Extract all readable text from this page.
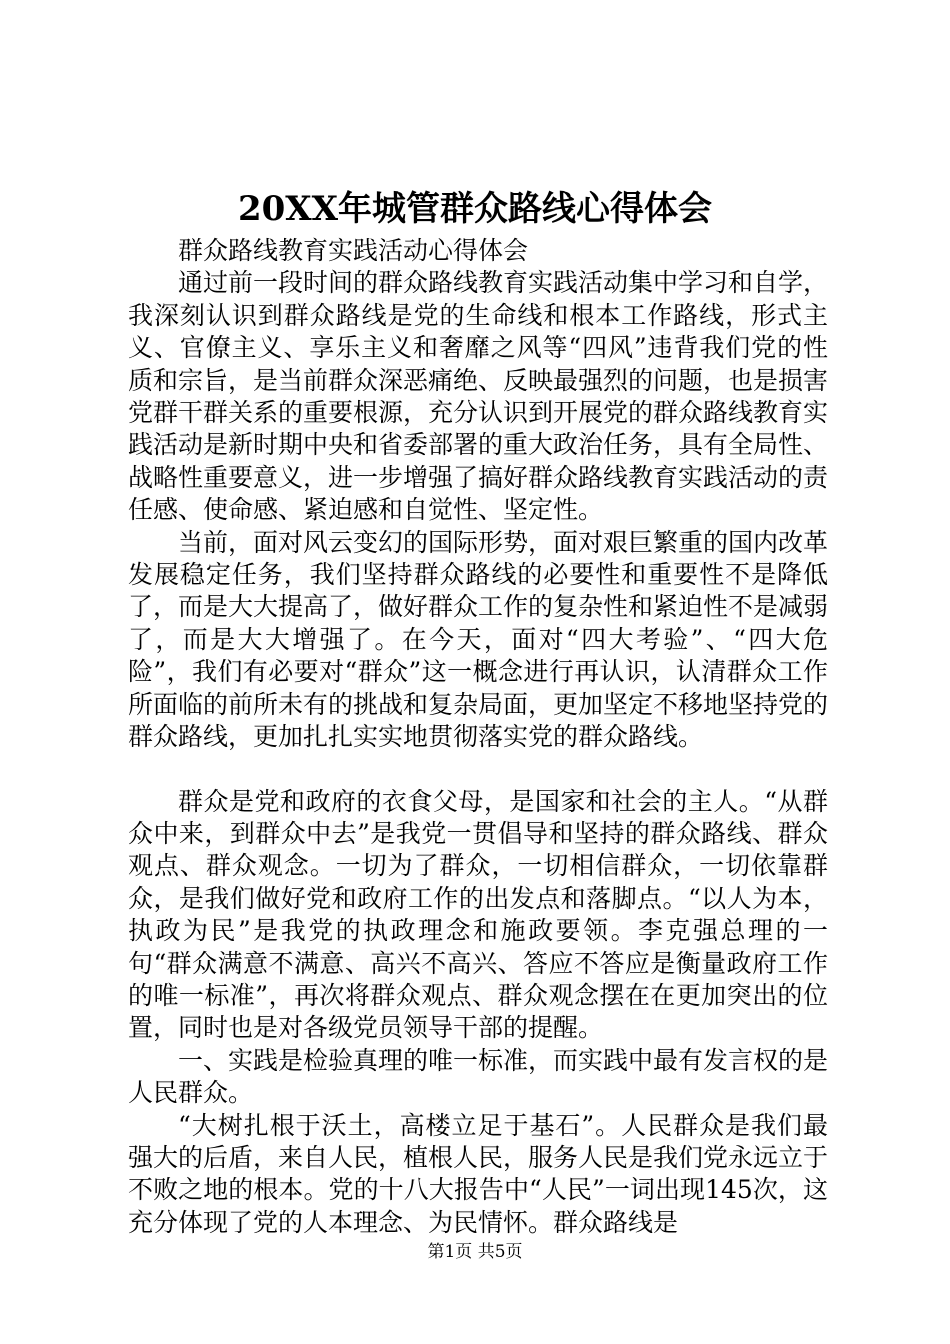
20XX年城管群众路线心得体会

群众路线教育实践活动心得体会

通过前一段时间的群众路线教育实践活动集中学习和自学，我深刻认识到群众路线是党的生命线和根本工作路线，形式主义、官僚主义、享乐主义和奢靡之风等“四风”违背我们党的性质和宗旨，是当前群众深恶痛绝、反映最强烈的问题，也是损害党群干群关系的重要根源，充分认识到开展党的群众路线教育实践活动是新时期中央和省委部署的重大政治任务，具有全局性、战略性重要意义，进一步增强了搞好群众路线教育实践活动的责任感、使命感、紧迫感和自觉性、坚定性。

当前，面对风云变幻的国际形势，面对艰巨繁重的国内改革发展稳定任务，我们坚持群众路线的必要性和重要性不是降低了，而是大大提高了，做好群众工作的复杂性和紧迫性不是减弱了，而是大大增强了。在今天，面对“四大考验”、“四大危险”，我们有必要对“群众”这一概念进行再认识，认清群众工作所面临的前所未有的挑战和复杂局面，更加坚定不移地坚持党的群众路线，更加扎扎实实地贯彻落实党的群众路线。

群众是党和政府的衣食父母，是国家和社会的主人。“从群众中来，到群众中去”是我党一贯倡导和坚持的群众路线、群众观点、群众观念。一切为了群众，一切相信群众，一切依靠群众，是我们做好党和政府工作的出发点和落脚点。“以人为本，执政为民”是我党的执政理念和施政要领。李克强总理的一句“群众满意不满意、高兴不高兴、答应不答应是衡量政府工作的唯一标准”，再次将群众观点、群众观念摆在在更加突出的位置，同时也是对各级党员领导干部的提醒。

一、实践是检验真理的唯一标准，而实践中最有发言权的是人民群众。

“大树扎根于沃土，高楼立足于基石”。人民群众是我们最强大的后盾，来自人民，植根人民，服务人民是我们党永远立于不败之地的根本。党的十八大报告中“人民”一词出现145次，这充分体现了党的人本理念、为民情怀。群众路线是

第1页 共5页
